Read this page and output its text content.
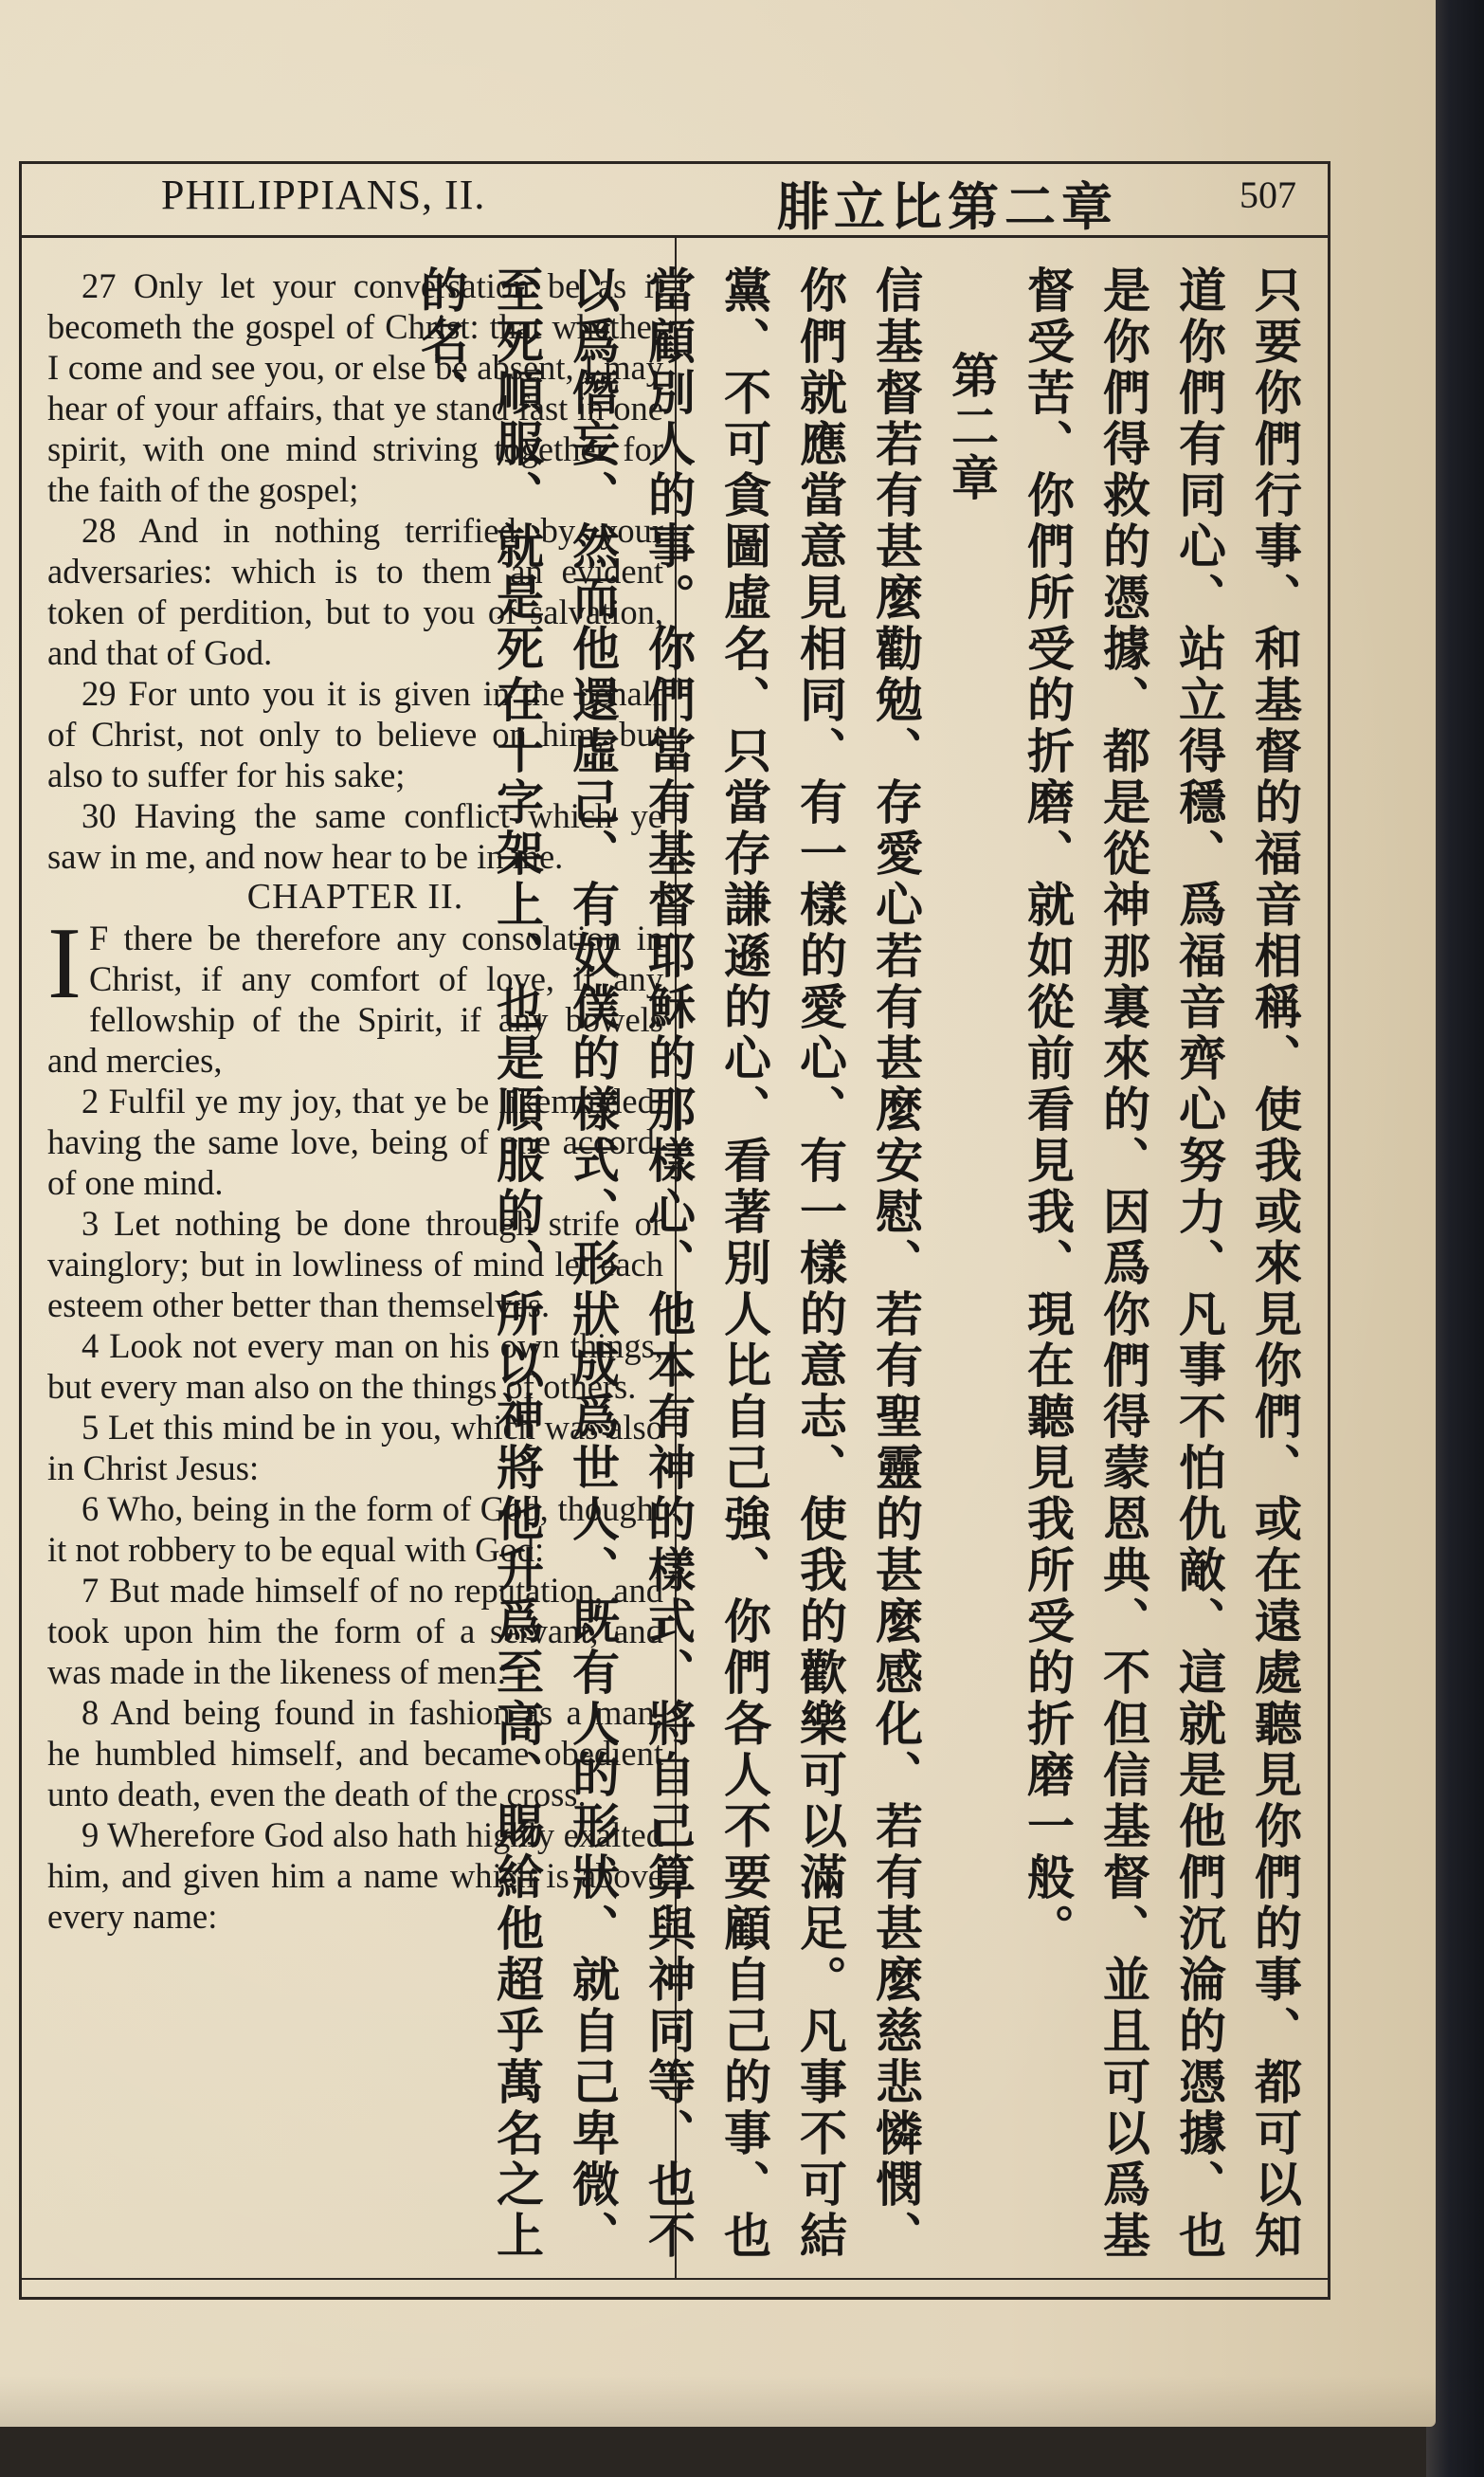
PHILIPPIANS, II.	腓立比第二章	507

27 Only let your conversation be as it becometh the gospel of Christ: that whether I come and see you, or else be absent, I may hear of your affairs, that ye stand fast in one spirit, with one mind striving together for the faith of the gospel;

28 And in nothing terrified by your adversaries: which is to them an evident token of perdition, but to you of salvation, and that of God.

29 For unto you it is given in the behalf of Christ, not only to believe on him, but also to suffer for his sake;

30 Having the same conflict which ye saw in me, and now hear to be in me.

CHAPTER II.

I F there be therefore any consolation in Christ, if any comfort of love, if any fellowship of the Spirit, if any bowels and mercies,

2 Fulfil ye my joy, that ye be likeminded, having the same love, being of one accord, of one mind.

3 Let nothing be done through strife or vainglory; but in lowliness of mind let each esteem other better than themselves.

4 Look not every man on his own things, but every man also on the things of others.

5 Let this mind be in you, which was also in Christ Jesus:

6 Who, being in the form of God, thought it not robbery to be equal with God:

7 But made himself of no reputation, and took upon him the form of a servant, and was made in the likeness of men:

8 And being found in fashion as a man, he humbled himself, and became obedient unto death, even the death of the cross.

9 Wherefore God also hath highly exalted him, and given him a name which is above every name:	只要你們行事、和基督的福音相稱、使我或來見你們、或在遠處聽見你們的事、都可以知道你們有同心、站立得穩、爲福音齊心努力、凡事不怕仇敵、這就是他們沉淪的憑據、也是你們得救的憑據、都是從神那裏來的、因爲你們得蒙恩典、不但信基督、並且可以爲基督受苦、你們所受的折磨、就如從前看見我、現在聽見我所受的折磨一般。

第二章

信基督若有甚麼勸勉、存愛心若有甚麼安慰、若有聖靈的甚麼感化、若有甚麼慈悲憐憫、你們就應當意見相同、有一樣的愛心、有一樣的意志、使我的歡樂可以滿足。凡事不可結黨、不可貪圖虛名、只當存謙遜的心、看著別人比自己強、你們各人不要顧自己的事、也當顧別人的事。你們當有基督耶穌的那樣心、他本有神的樣式、將自己算與神同等、也不以爲僭妄、然而他還虛己、有奴僕的樣式、形狀成爲世人、既有人的形狀、就自己卑微、至死順服、就是死在十字架上、也是順服的、所以神將他升爲至高、賜給他超乎萬名之上的名、
